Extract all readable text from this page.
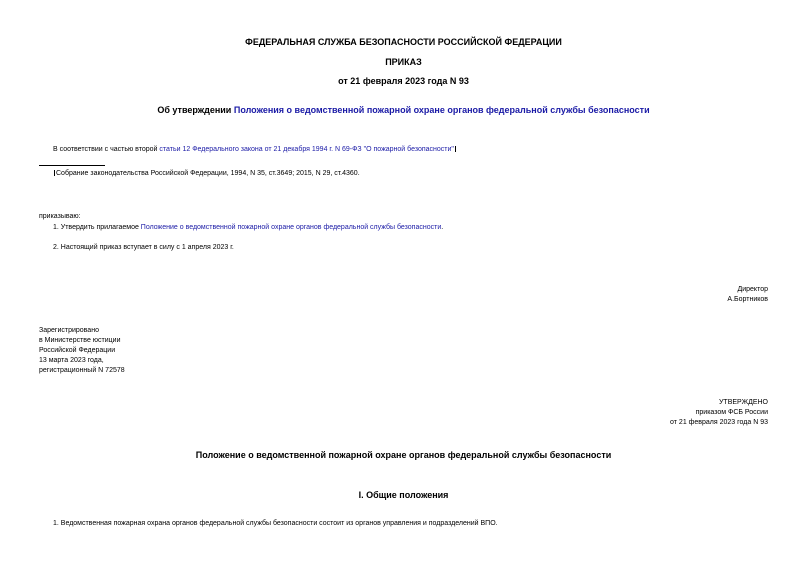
ФЕДЕРАЛЬНАЯ СЛУЖБА БЕЗОПАСНОСТИ РОССИЙСКОЙ ФЕДЕРАЦИИ
ПРИКАЗ
от 21 февраля 2023 года N 93
Об утверждении Положения о ведомственной пожарной охране органов федеральной службы безопасности
В соответствии с частью второй статьи 12 Федерального закона от 21 декабря 1994 г. N 69-ФЗ "О пожарной безопасности"
Собрание законодательства Российской Федерации, 1994, N 35, ст.3649; 2015, N 29, ст.4360.
приказываю:
1. Утвердить прилагаемое Положение о ведомственной пожарной охране органов федеральной службы безопасности.
2. Настоящий приказ вступает в силу с 1 апреля 2023 г.
Директор
А.Бортников
Зарегистрировано
в Министерстве юстиции
Российской Федерации
13 марта 2023 года,
регистрационный N 72578
УТВЕРЖДЕНО
приказом ФСБ России
от 21 февраля 2023 года N 93
Положение о ведомственной пожарной охране органов федеральной службы безопасности
I. Общие положения
1. Ведомственная пожарная охрана органов федеральной службы безопасности состоит из органов управления и подразделений ВПО.
